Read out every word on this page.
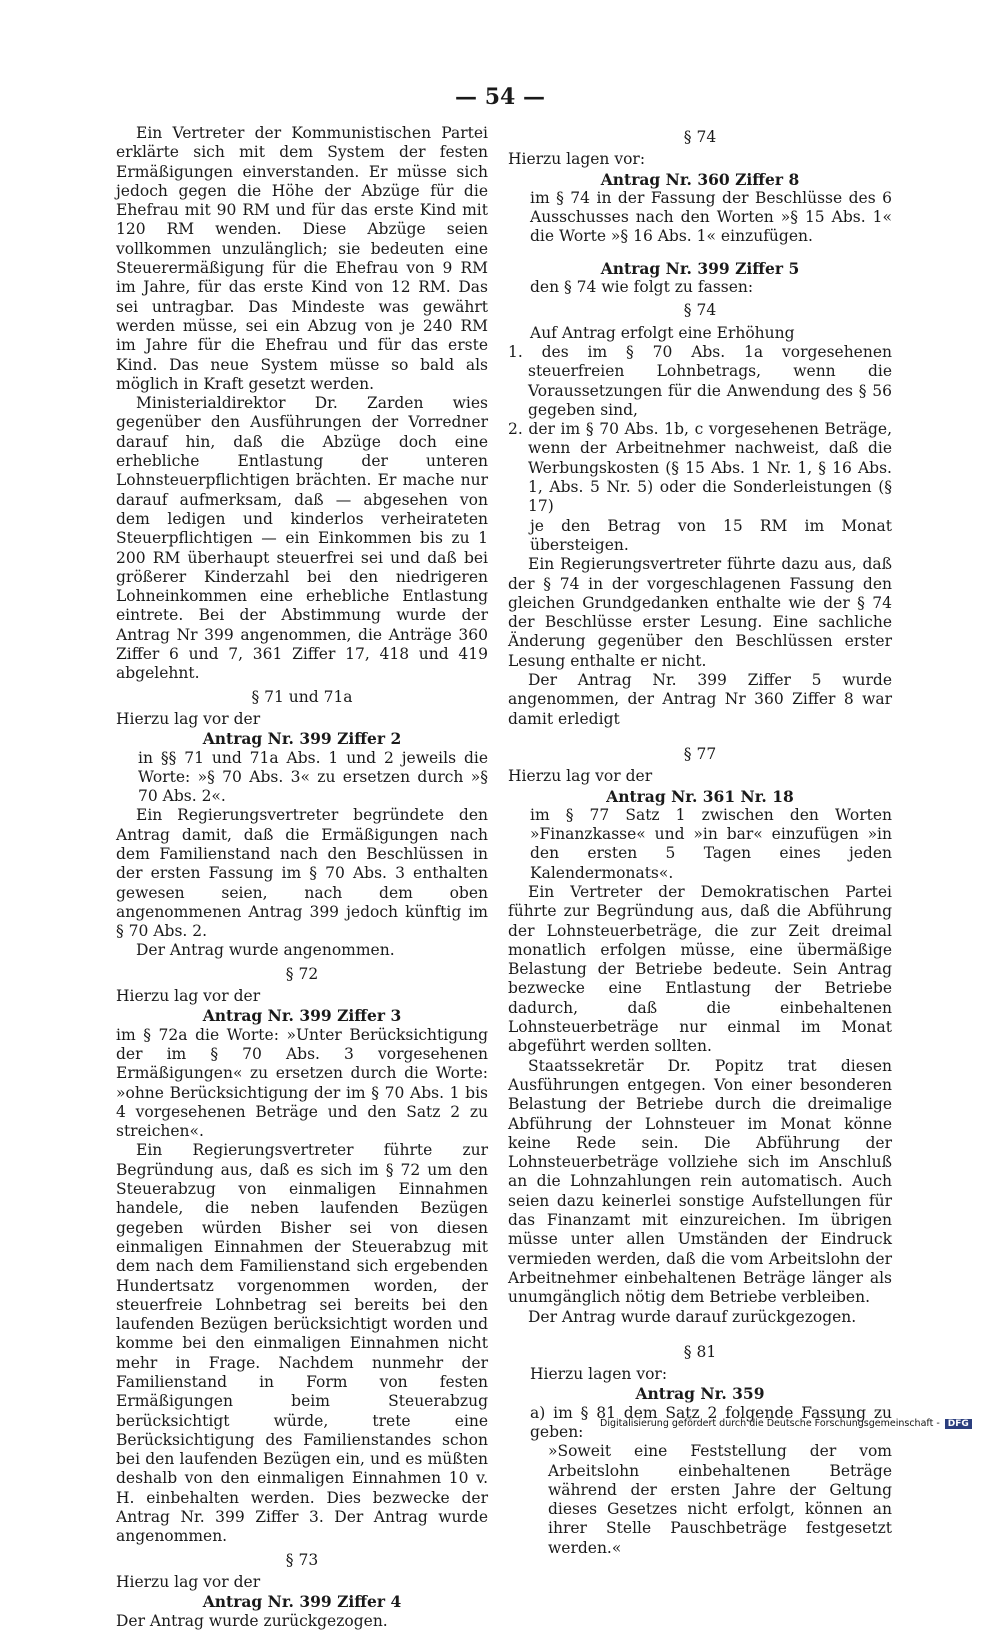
— 54 —

Ein Vertreter der Kommunistischen Partei erklärte sich mit dem System der festen Ermäßigungen einverstanden. Er müsse sich jedoch gegen die Höhe der Abzüge für die Ehefrau mit 90 RM und für das erste Kind mit 120 RM wenden. Diese Abzüge seien vollkommen unzulänglich; sie bedeuten eine Steuerermäßigung für die Ehefrau von 9 RM im Jahre, für das erste Kind von 12 RM. Das sei untragbar. Das Mindeste was gewährt werden müsse, sei ein Abzug von je 240 RM im Jahre für die Ehefrau und für das erste Kind. Das neue System müsse so bald als möglich in Kraft gesetzt werden.

Ministerialdirektor Dr. Zarden wies gegenüber den Ausführungen der Vorredner darauf hin, daß die Abzüge doch eine erhebliche Entlastung der unteren Lohnsteuerpflichtigen brächten. Er mache nur darauf aufmerksam, daß — abgesehen von dem ledigen und kinderlos verheirateten Steuerpflichtigen — ein Einkommen bis zu 1 200 RM überhaupt steuerfrei sei und daß bei größerer Kinderzahl bei den niedrigeren Lohneinkommen eine erhebliche Entlastung eintrete. Bei der Abstimmung wurde der Antrag Nr 399 angenommen, die Anträge 360 Ziffer 6 und 7, 361 Ziffer 17, 418 und 419 abgelehnt.

§ 71 und 71a

Hierzu lag vor der

Antrag Nr. 399 Ziffer 2

in §§ 71 und 71a Abs. 1 und 2 jeweils die Worte: »§ 70 Abs. 3« zu ersetzen durch »§ 70 Abs. 2«.

Ein Regierungsvertreter begründete den Antrag damit, daß die Ermäßigungen nach dem Familienstand nach den Beschlüssen in der ersten Fassung im § 70 Abs. 3 enthalten gewesen seien, nach dem oben angenommenen Antrag 399 jedoch künftig im § 70 Abs. 2.

Der Antrag wurde angenommen.

§ 72

Hierzu lag vor der

Antrag Nr. 399 Ziffer 3

im § 72a die Worte: »Unter Berücksichtigung der im § 70 Abs. 3 vorgesehenen Ermäßigungen« zu ersetzen durch die Worte: »ohne Berücksichtigung der im § 70 Abs. 1 bis 4 vorgesehenen Beträge und den Satz 2 zu streichen«.

Ein Regierungsvertreter führte zur Begründung aus, daß es sich im § 72 um den Steuerabzug von einmaligen Einnahmen handele, die neben laufenden Bezügen gegeben würden Bisher sei von diesen einmaligen Einnahmen der Steuerabzug mit dem nach dem Familienstand sich ergebenden Hundertsatz vorgenommen worden, der steuerfreie Lohnbetrag sei bereits bei den laufenden Bezügen berücksichtigt worden und komme bei den einmaligen Einnahmen nicht mehr in Frage. Nachdem nunmehr der Familienstand in Form von festen Ermäßigungen beim Steuerabzug berücksichtigt würde, trete eine Berücksichtigung des Familienstandes schon bei den laufenden Bezügen ein, und es müßten deshalb von den einmaligen Einnahmen 10 v. H. einbehalten werden. Dies bezwecke der Antrag Nr. 399 Ziffer 3. Der Antrag wurde angenommen.

§ 73

Hierzu lag vor der

Antrag Nr. 399 Ziffer 4

Der Antrag wurde zurückgezogen.

§ 74

Hierzu lagen vor:

Antrag Nr. 360 Ziffer 8

im § 74 in der Fassung der Beschlüsse des 6 Ausschusses nach den Worten »§ 15 Abs. 1« die Worte »§ 16 Abs. 1« einzufügen.

Antrag Nr. 399 Ziffer 5

den § 74 wie folgt zu fassen:

§ 74

Auf Antrag erfolgt eine Erhöhung

1. des im § 70 Abs. 1a vorgesehenen steuerfreien Lohnbetrags, wenn die Voraussetzungen für die Anwendung des § 56 gegeben sind,

2. der im § 70 Abs. 1b, c vorgesehenen Beträge, wenn der Arbeitnehmer nachweist, daß die Werbungskosten (§ 15 Abs. 1 Nr. 1, § 16 Abs. 1, Abs. 5 Nr. 5) oder die Sonderleistungen (§ 17)

je den Betrag von 15 RM im Monat übersteigen.

Ein Regierungsvertreter führte dazu aus, daß der § 74 in der vorgeschlagenen Fassung den gleichen Grundgedanken enthalte wie der § 74 der Beschlüsse erster Lesung. Eine sachliche Änderung gegenüber den Beschlüssen erster Lesung enthalte er nicht.

Der Antrag Nr. 399 Ziffer 5 wurde angenommen, der Antrag Nr 360 Ziffer 8 war damit erledigt

§ 77

Hierzu lag vor der

Antrag Nr. 361 Nr. 18

im § 77 Satz 1 zwischen den Worten »Finanzkasse« und »in bar« einzufügen »in den ersten 5 Tagen eines jeden Kalendermonats«.

Ein Vertreter der Demokratischen Partei führte zur Begründung aus, daß die Abführung der Lohnsteuerbeträge, die zur Zeit dreimal monatlich erfolgen müsse, eine übermäßige Belastung der Betriebe bedeute. Sein Antrag bezwecke eine Entlastung der Betriebe dadurch, daß die einbehaltenen Lohnsteuerbeträge nur einmal im Monat abgeführt werden sollten.

Staatssekretär Dr. Popitz trat diesen Ausführungen entgegen. Von einer besonderen Belastung der Betriebe durch die dreimalige Abführung der Lohnsteuer im Monat könne keine Rede sein. Die Abführung der Lohnsteuerbeträge vollziehe sich im Anschluß an die Lohnzahlungen rein automatisch. Auch seien dazu keinerlei sonstige Aufstellungen für das Finanzamt mit einzureichen. Im übrigen müsse unter allen Umständen der Eindruck vermieden werden, daß die vom Arbeitslohn der Arbeitnehmer einbehaltenen Beträge länger als unumgänglich nötig dem Betriebe verbleiben.

Der Antrag wurde darauf zurückgezogen.

§ 81

Hierzu lagen vor:

Antrag Nr. 359

a) im § 81 dem Satz 2 folgende Fassung zu geben:

»Soweit eine Feststellung der vom Arbeitslohn einbehaltenen Beträge während der ersten Jahre der Geltung dieses Gesetzes nicht erfolgt, können an ihrer Stelle Pauschbeträge festgesetzt werden.«

Digitalisierung gefördert durch die Deutsche Forschungsgemeinschaft - DFG
